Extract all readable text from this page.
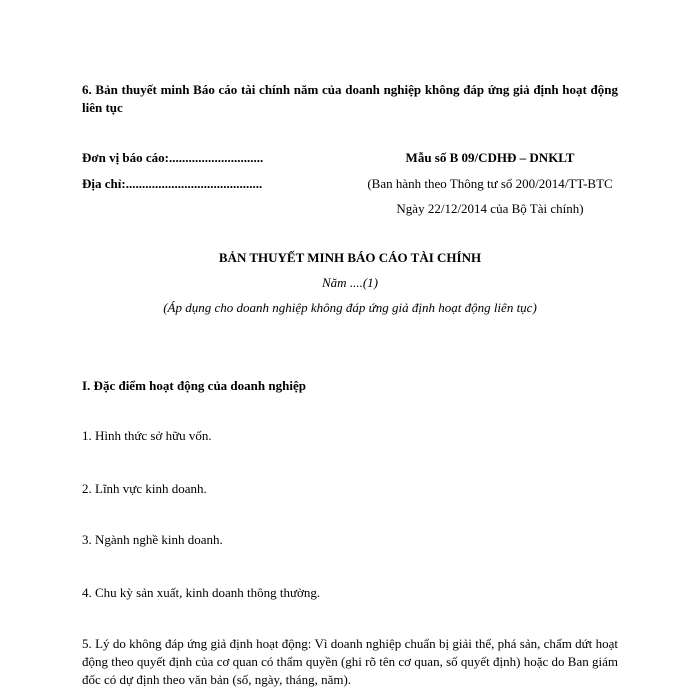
6. Bản thuyết minh Báo cáo tài chính năm của doanh nghiệp không đáp ứng giả định hoạt động liên tục
Đơn vị báo cáo:.............................
Địa chỉ:..........................................
Mẫu số B 09/CDHĐ – DNKLT
(Ban hành theo Thông tư số 200/2014/TT-BTC
Ngày 22/12/2014 của Bộ Tài chính)
BẢN THUYẾT MINH BÁO CÁO TÀI CHÍNH
Năm ....(1)
(Áp dụng cho doanh nghiệp không đáp ứng giả định hoạt động liên tục)
I. Đặc điểm hoạt động của doanh nghiệp
1. Hình thức sở hữu vốn.
2. Lĩnh vực kinh doanh.
3. Ngành nghề kinh doanh.
4. Chu kỳ sản xuất, kinh doanh thông thường.
5. Lý do không đáp ứng giả định hoạt động: Vì doanh nghiệp chuẩn bị giải thể, phá sản, chấm dứt hoạt động theo quyết định của cơ quan có thẩm quyền (ghi rõ tên cơ quan, số quyết định) hoặc do Ban giám đốc có dự định theo văn bản (số, ngày, tháng, năm).
